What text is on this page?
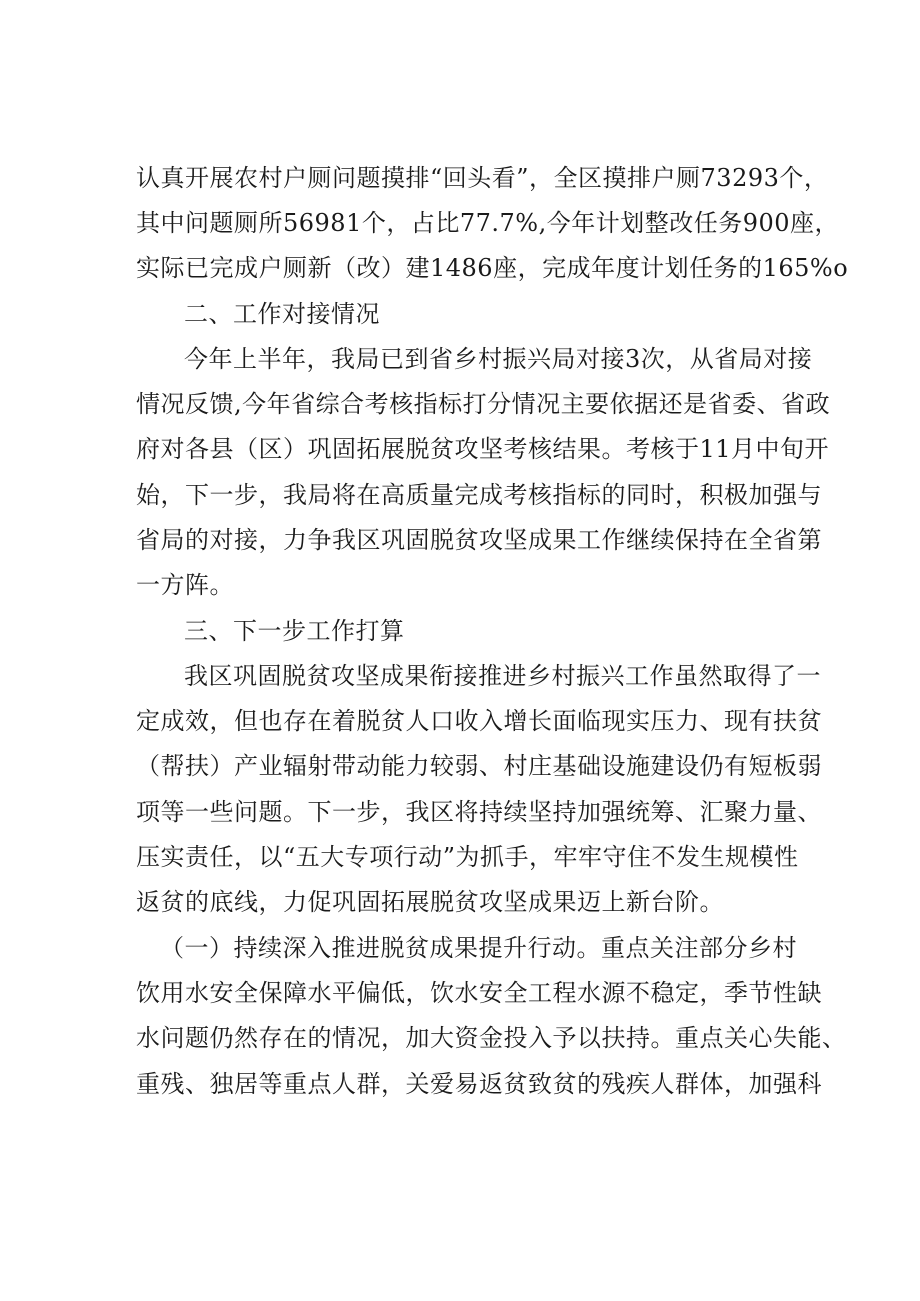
认真开展农村户厕问题摸排“回头看”，全区摸排户厕73293个，
其中问题厕所56981个，占比77.7%,今年计划整改任务900座，
实际已完成户厕新（改）建1486座，完成年度计划任务的165%o
二、工作对接情况
今年上半年，我局已到省乡村振兴局对接3次，从省局对接
情况反馈,今年省综合考核指标打分情况主要依据还是省委、省政
府对各县（区）巩固拓展脱贫攻坚考核结果。考核于11月中旬开
始，下一步，我局将在高质量完成考核指标的同时，积极加强与
省局的对接，力争我区巩固脱贫攻坚成果工作继续保持在全省第
一方阵。
三、下一步工作打算
我区巩固脱贫攻坚成果衔接推进乡村振兴工作虽然取得了一
定成效，但也存在着脱贫人口收入增长面临现实压力、现有扶贫
（帮扶）产业辐射带动能力较弱、村庄基础设施建设仍有短板弱
项等一些问题。下一步，我区将持续坚持加强统筹、汇聚力量、
压实责任，以“五大专项行动”为抓手，牢牢守住不发生规模性
返贫的底线，力促巩固拓展脱贫攻坚成果迈上新台阶。
（一）持续深入推进脱贫成果提升行动。重点关注部分乡村
饮用水安全保障水平偏低，饮水安全工程水源不稳定，季节性缺
水问题仍然存在的情况，加大资金投入予以扶持。重点关心失能、
重残、独居等重点人群，关爱易返贫致贫的残疾人群体，加强科
